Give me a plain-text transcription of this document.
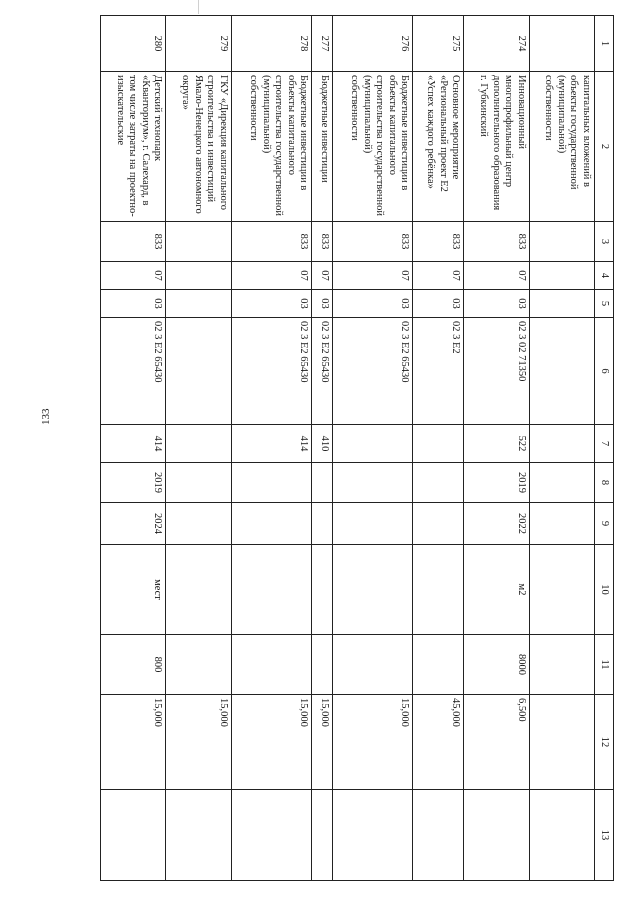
133
1	2	3	4	5	6	7	8	9	10	11	12	13
	капитальных вложений в объекты государственной (муниципальной) собственности											
274	Инновационный многопрофильный центр дополнительного образования г. Губкинский	833	07	03	02 3 02 71350	522	2019	2022	м2	8000	6,500	
275	Основное мероприятие «Региональный проект Е2 «Успех каждого ребёнка»	833	07	03	02 3 Е2						45,000	
276	Бюджетные инвестиции в объекты капитального строительства государственной (муниципальной) собственности	833	07	03	02 3 Е2 65430						15,000	
277	Бюджетные инвестиции	833	07	03	02 3 Е2 65430	410					15,000	
278	Бюджетные инвестиции в объекты капитального строительства государственной (муниципальной) собственности	833	07	03	02 3 Е2 65430	414					15,000	
279	ГКУ «Дирекция капитального строительства и инвестиций Ямало-Ненецкого автономного округа»										15,000	
280	Детский технопарк «Кванториум», г. Салехард, в том числе затраты на проектно-изыскательские	833	07	03	02 3 Е2 65430	414	2019	2024	мест	800	15,000	
